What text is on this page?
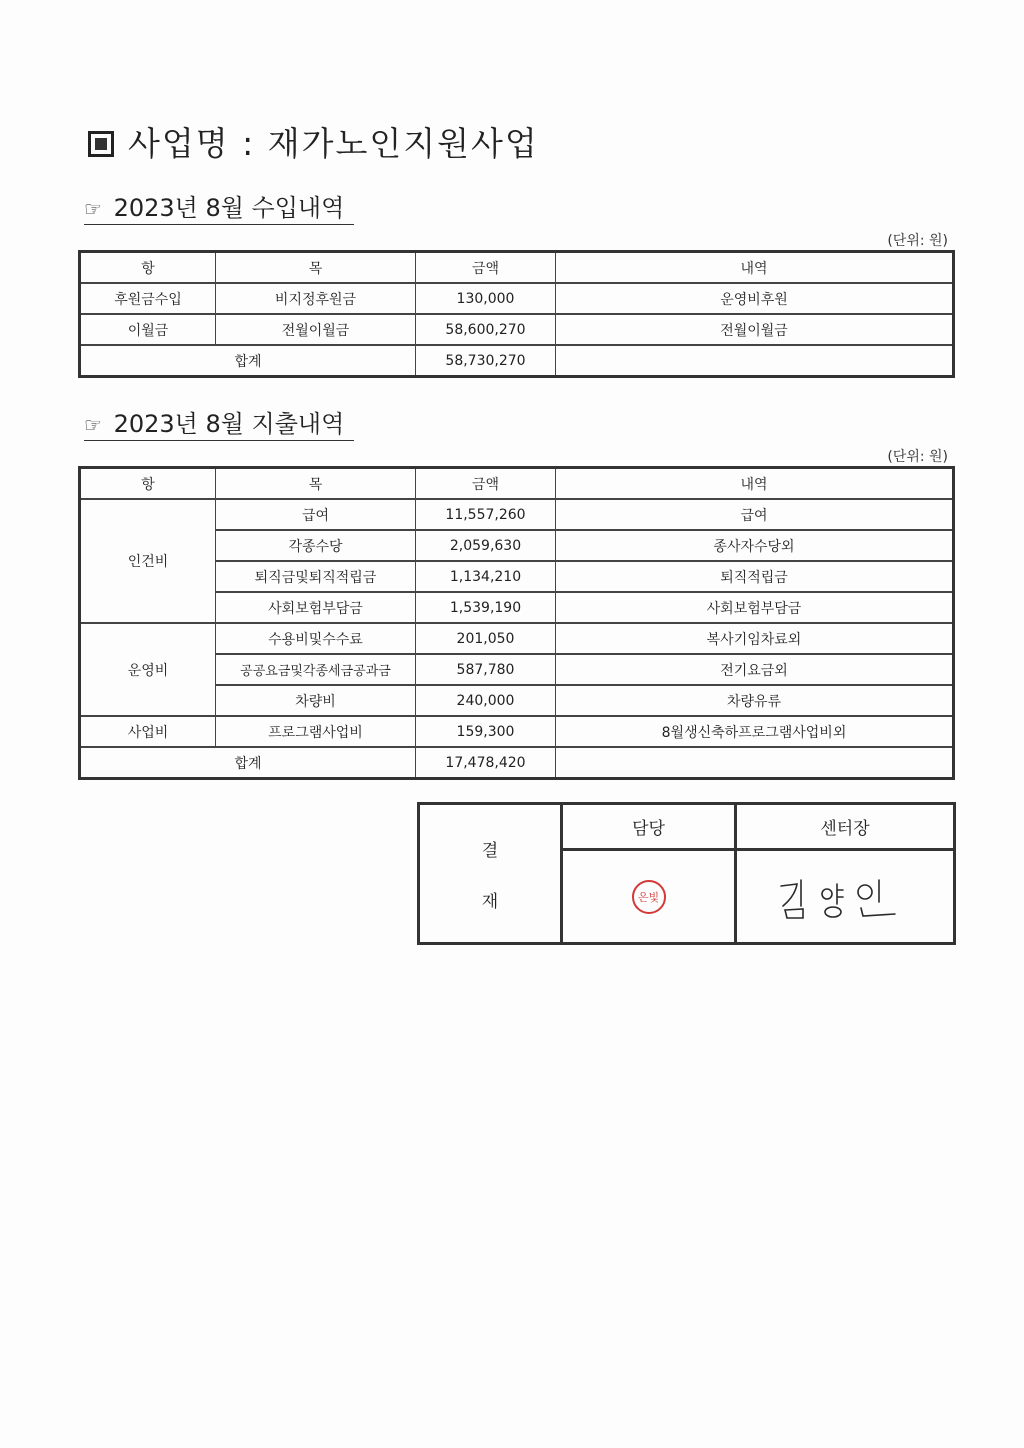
사업명 : 재가노인지원사업
☞ 2023년 8월 수입내역
(단위: 원)
항	목	금액	내역
후원금수입	비지정후원금	130,000	운영비후원
이월금	전월이월금	58,600,270	전월이월금
합계		58,730,270	
☞ 2023년 8월 지출내역
(단위: 원)
항	목	금액	내역
인건비	급여	11,557,260	급여
	각종수당	2,059,630	종사자수당외
	퇴직금및퇴직적립금	1,134,210	퇴직적립금
	사회보험부담금	1,539,190	사회보험부담금
운영비	수용비및수수료	201,050	복사기임차료외
	공공요금및각종세금공과금	587,780	전기요금외
	차량비	240,000	차량유류
사업비	프로그램사업비	159,300	8월생신축하프로그램사업비외
합계		17,478,420	
결
재
담당	센터장
은빛
